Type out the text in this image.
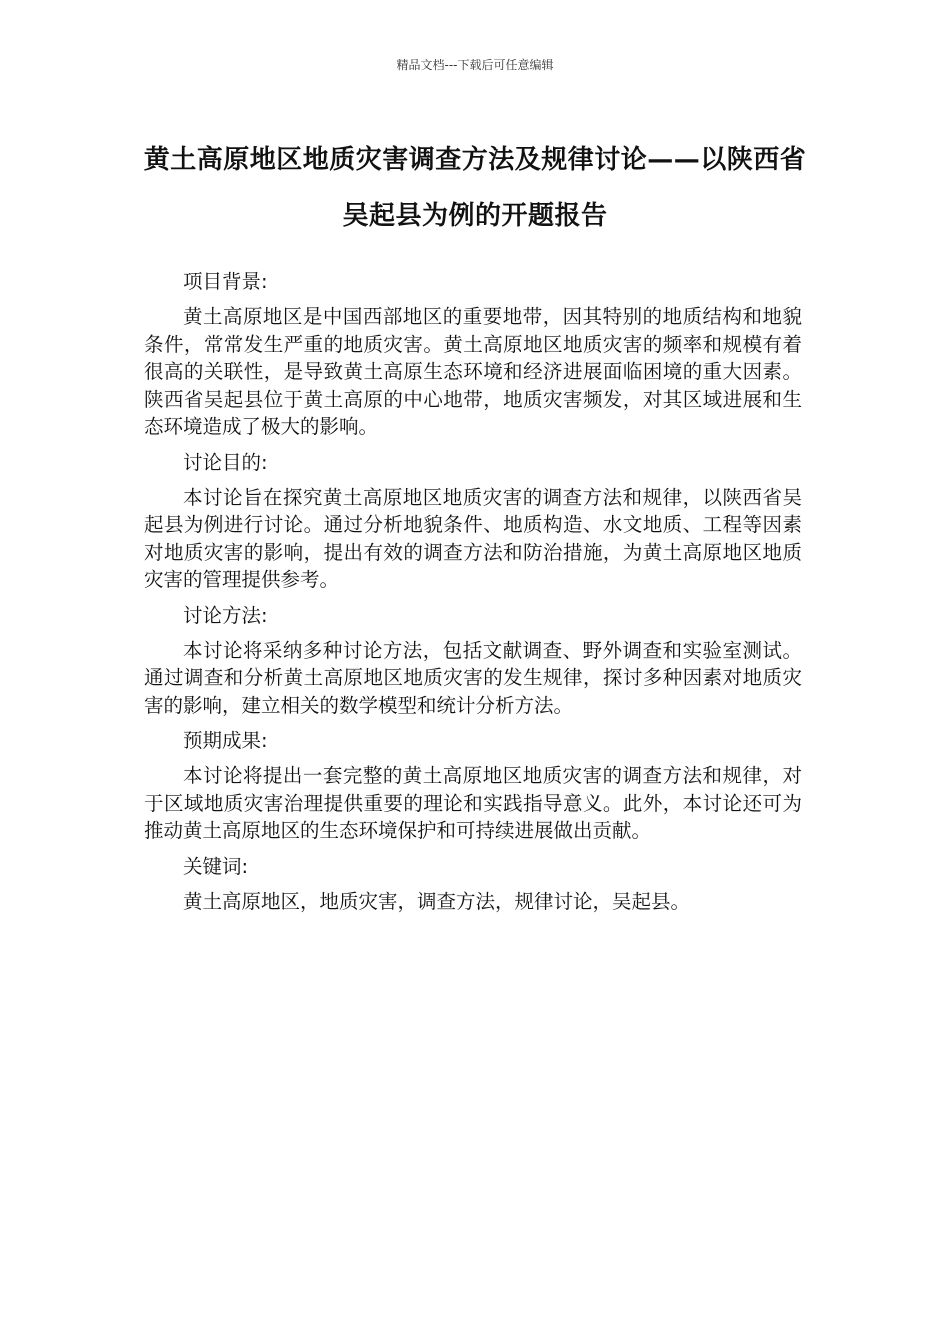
精品文档---下载后可任意编辑
黄土高原地区地质灾害调查方法及规律讨论——以陕西省吴起县为例的开题报告

项目背景:

黄土高原地区是中国西部地区的重要地带，因其特别的地质结构和地貌条件，常常发生严重的地质灾害。黄土高原地区地质灾害的频率和规模有着很高的关联性，是导致黄土高原生态环境和经济进展面临困境的重大因素。陕西省吴起县位于黄土高原的中心地带，地质灾害频发，对其区域进展和生态环境造成了极大的影响。

讨论目的:

本讨论旨在探究黄土高原地区地质灾害的调查方法和规律，以陕西省吴起县为例进行讨论。通过分析地貌条件、地质构造、水文地质、工程等因素对地质灾害的影响，提出有效的调查方法和防治措施，为黄土高原地区地质灾害的管理提供参考。

讨论方法:

本讨论将采纳多种讨论方法，包括文献调查、野外调查和实验室测试。通过调查和分析黄土高原地区地质灾害的发生规律，探讨多种因素对地质灾害的影响，建立相关的数学模型和统计分析方法。

预期成果:

本讨论将提出一套完整的黄土高原地区地质灾害的调查方法和规律，对于区域地质灾害治理提供重要的理论和实践指导意义。此外，本讨论还可为推动黄土高原地区的生态环境保护和可持续进展做出贡献。

关键词:

黄土高原地区，地质灾害，调查方法，规律讨论，吴起县。
